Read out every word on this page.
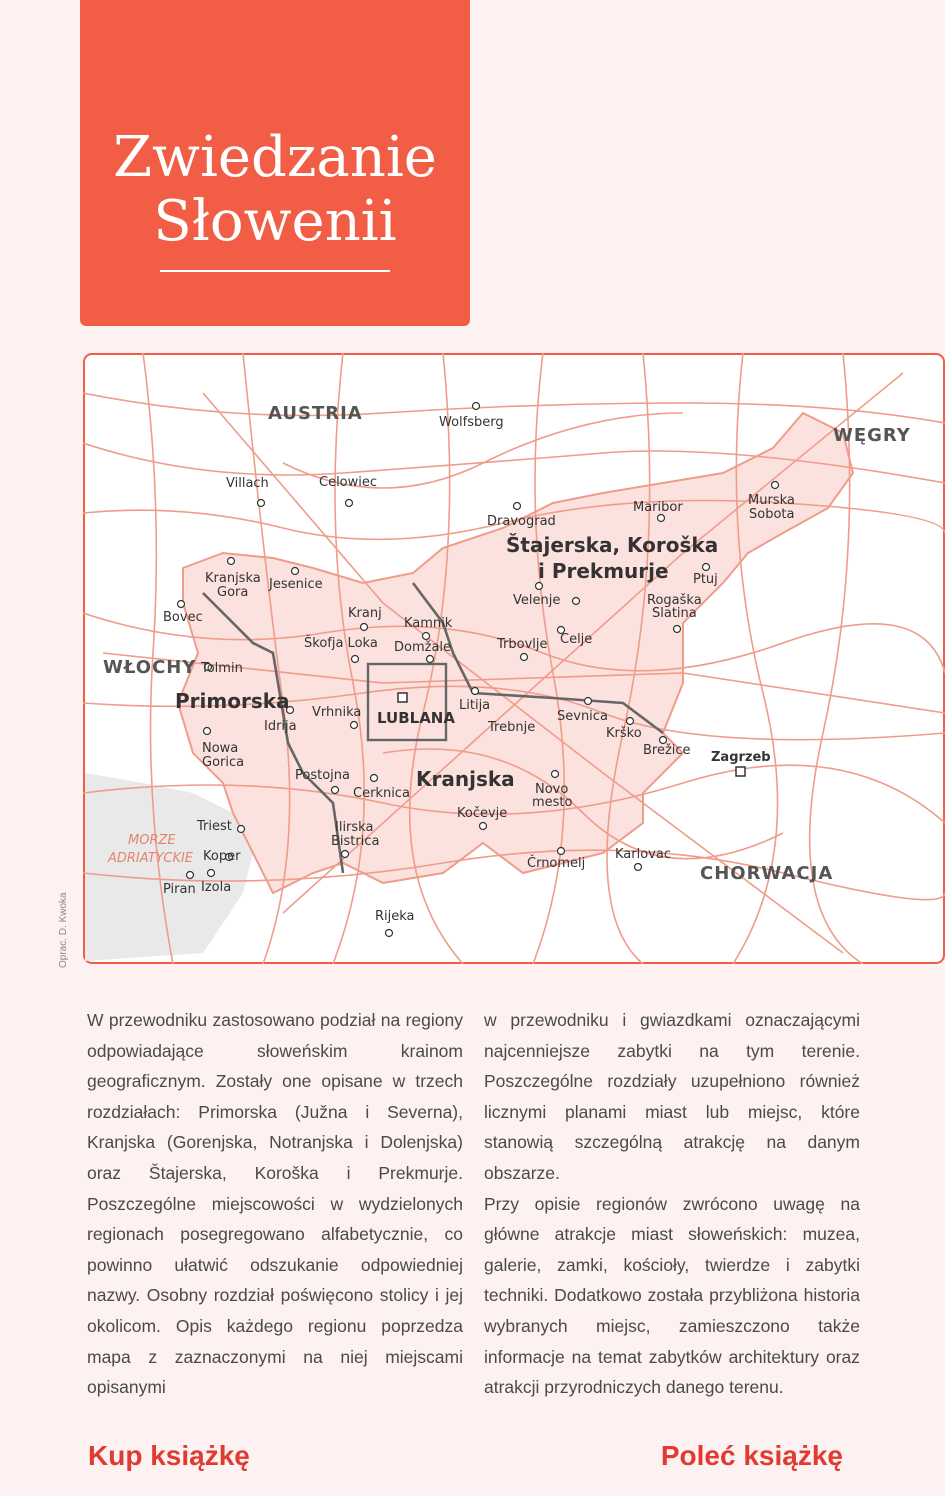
Zwiedzanie
Słowenii
AUSTRIA
WĘGRY
WŁOCHY
CHORWACJA
Štajerska, Koroška
i Prekmurje
Primorska
Kranjska
LUBLANA
MORZE
ADRIATYCKIE
Wolfsberg
Villach	Celowiec
Dravograd
Maribor	Murska
Sobota
Kranjska
Gora
Jesenice	Ptuj
Velenje	Rogaška
Slatina
Bovec	Kranj
Kamnik
Škofja Loka Domžale	Trbovlje Celje
Tolmin
Litija
Vrhnika
Idrija
Sevnica
Trebnje	Krško
Nowa
Gorica
Brežice Zagrzeb
Postojna
Cerknica	Novo
mesto
Triest
Kočevje
Ilirska
Bistrica
Koper	Črnomelj
Karlovac
Piran Izola
Rijeka
Oprac. D. Kwoka

W przewodniku zastosowano podział na regiony odpowiadające słoweńskim krainom geograficznym. Zostały one opisane w trzech rozdziałach: Primorska (Južna i Severna), Kranjska (Gorenjska, Notranjska i Dolenjska) oraz Štajerska, Koroška i Prekmurje. Poszczególne miejscowości w wydzielonych regionach posegregowano alfabetycznie, co powinno ułatwić odszukanie odpowiedniej nazwy. Osobny rozdział poświęcono stolicy i jej okolicom. Opis każdego regionu poprzedza mapa z zaznaczonymi na niej miejscami opisanymi

w przewodniku i gwiazdkami oznaczającymi najcenniejsze zabytki na tym terenie. Poszczególne rozdziały uzupełniono również licznymi planami miast lub miejsc, które stanowią szczególną atrakcję na danym obszarze.

Przy opisie regionów zwrócono uwagę na główne atrakcje miast słoweńskich: muzea, galerie, zamki, kościoły, twierdze i zabytki techniki. Dodatkowo została przybliżona historia wybranych miejsc, zamieszczono także informacje na temat zabytków architektury oraz atrakcji przyrodniczych danego terenu.

Kup książkę	Poleć książkę
